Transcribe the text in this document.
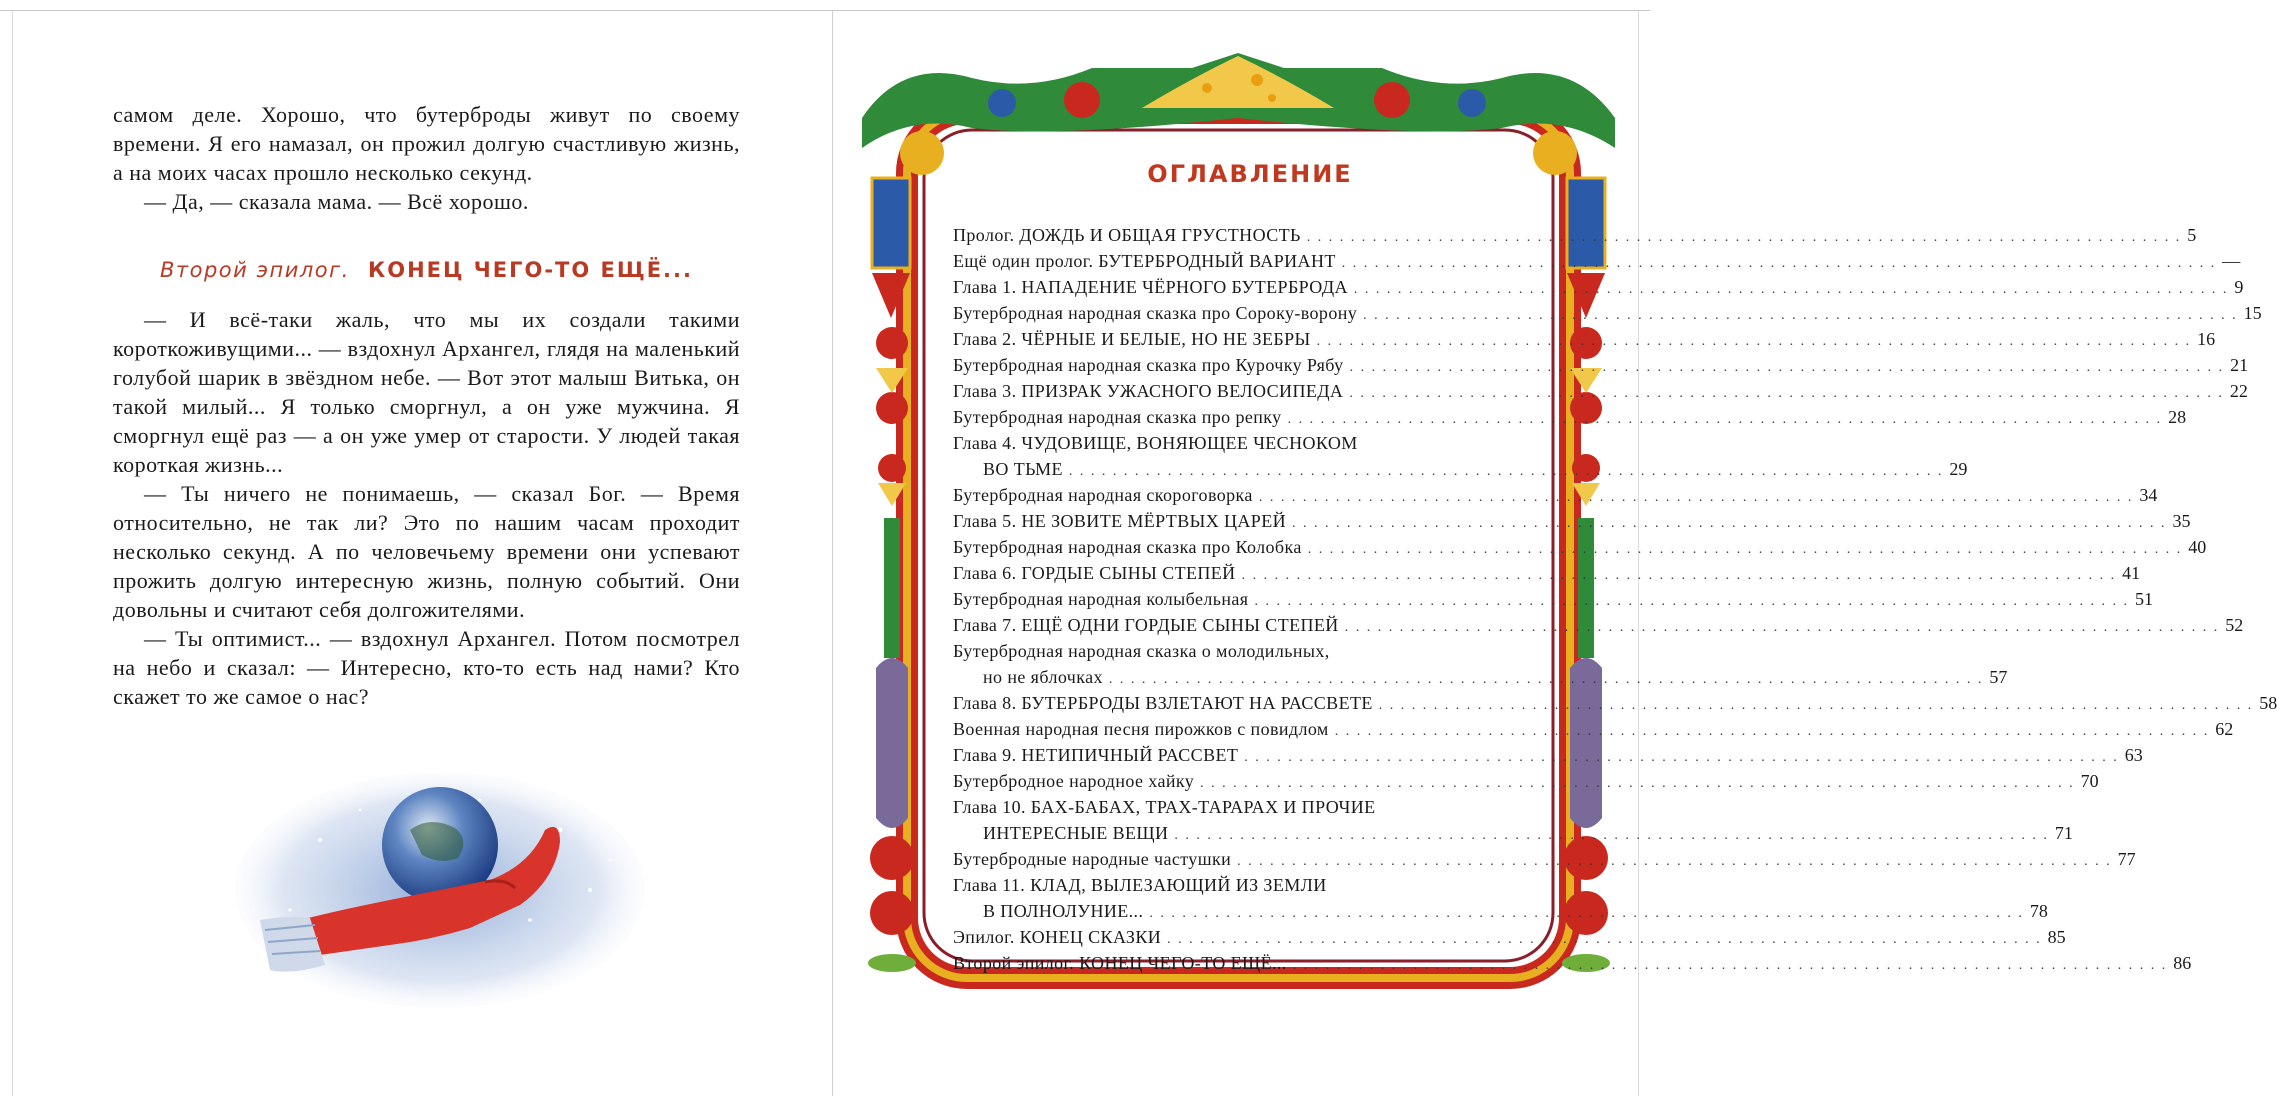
самом деле. Хорошо, что бутерброды живут по своему времени. Я его намазал, он прожил долгую счастливую жизнь, а на моих часах прошло несколько секунд.

— Да, — сказала мама. — Всё хорошо.

Второй эпилог. КОНЕЦ ЧЕГО-ТО ЕЩЁ...

— И всё-таки жаль, что мы их создали такими короткоживущими... — вздохнул Архангел, глядя на маленький голубой шарик в звёздном небе. — Вот этот малыш Витька, он такой милый... Я только сморгнул, а он уже мужчина. Я сморгнул ещё раз — а он уже умер от старости. У людей такая короткая жизнь...

— Ты ничего не понимаешь, — сказал Бог. — Время относительно, не так ли? Это по нашим часам проходит несколько секунд. А по человечьему времени они успевают прожить долгую интересную жизнь, полную событий. Они довольны и считают себя долгожителями.

— Ты оптимист... — вздохнул Архангел. Потом посмотрел на небо и сказал: — Интересно, кто-то есть над нами? Кто скажет то же самое о нас?

ОГЛАВЛЕНИЕ
Пролог. ДОЖДЬ И ОБЩАЯ ГРУСТНОСТЬ . . . . . . . . . . . . . . . . . . . . . . . . . . . . . . . . . . . . . . . . . . . . . . . . . . . . . . . . . . . . . . . . . . . . . . . . . . . . . . . . 5
Ещё один пролог. БУТЕРБРОДНЫЙ ВАРИАНТ . . . . . . . . . . . . . . . . . . . . . . . . . . . . . . . . . . . . . . . . . . . . . . . . . . . . . . . . . . . . . . . . . . . . . . . . . . . . . . . . —
Глава 1. НАПАДЕНИЕ ЧЁРНОГО БУТЕРБРОДА . . . . . . . . . . . . . . . . . . . . . . . . . . . . . . . . . . . . . . . . . . . . . . . . . . . . . . . . . . . . . . . . . . . . . . . . . . . . . . . . 9
Бутербродная народная сказка про Сороку-ворону . . . . . . . . . . . . . . . . . . . . . . . . . . . . . . . . . . . . . . . . . . . . . . . . . . . . . . . . . . . . . . . . . . . . . . . . . . . . . . . . 15
Глава 2. ЧЁРНЫЕ И БЕЛЫЕ, НО НЕ ЗЕБРЫ . . . . . . . . . . . . . . . . . . . . . . . . . . . . . . . . . . . . . . . . . . . . . . . . . . . . . . . . . . . . . . . . . . . . . . . . . . . . . . . . 16
Бутербродная народная сказка про Курочку Рябу . . . . . . . . . . . . . . . . . . . . . . . . . . . . . . . . . . . . . . . . . . . . . . . . . . . . . . . . . . . . . . . . . . . . . . . . . . . . . . . . 21
Глава 3. ПРИЗРАК УЖАСНОГО ВЕЛОСИПЕДА . . . . . . . . . . . . . . . . . . . . . . . . . . . . . . . . . . . . . . . . . . . . . . . . . . . . . . . . . . . . . . . . . . . . . . . . . . . . . . . . 22
Бутербродная народная сказка про репку . . . . . . . . . . . . . . . . . . . . . . . . . . . . . . . . . . . . . . . . . . . . . . . . . . . . . . . . . . . . . . . . . . . . . . . . . . . . . . . . 28
Глава 4. ЧУДОВИЩЕ, ВОНЯЮЩЕЕ ЧЕСНОКОМ
ВО ТЬМЕ . . . . . . . . . . . . . . . . . . . . . . . . . . . . . . . . . . . . . . . . . . . . . . . . . . . . . . . . . . . . . . . . . . . . . . . . . . . . . . . . 29
Бутербродная народная скороговорка . . . . . . . . . . . . . . . . . . . . . . . . . . . . . . . . . . . . . . . . . . . . . . . . . . . . . . . . . . . . . . . . . . . . . . . . . . . . . . . . 34
Глава 5. НЕ ЗОВИТЕ МЁРТВЫХ ЦАРЕЙ . . . . . . . . . . . . . . . . . . . . . . . . . . . . . . . . . . . . . . . . . . . . . . . . . . . . . . . . . . . . . . . . . . . . . . . . . . . . . . . . 35
Бутербродная народная сказка про Колобка . . . . . . . . . . . . . . . . . . . . . . . . . . . . . . . . . . . . . . . . . . . . . . . . . . . . . . . . . . . . . . . . . . . . . . . . . . . . . . . . 40
Глава 6. ГОРДЫЕ СЫНЫ СТЕПЕЙ . . . . . . . . . . . . . . . . . . . . . . . . . . . . . . . . . . . . . . . . . . . . . . . . . . . . . . . . . . . . . . . . . . . . . . . . . . . . . . . . 41
Бутербродная народная колыбельная . . . . . . . . . . . . . . . . . . . . . . . . . . . . . . . . . . . . . . . . . . . . . . . . . . . . . . . . . . . . . . . . . . . . . . . . . . . . . . . . 51
Глава 7. ЕЩЁ ОДНИ ГОРДЫЕ СЫНЫ СТЕПЕЙ . . . . . . . . . . . . . . . . . . . . . . . . . . . . . . . . . . . . . . . . . . . . . . . . . . . . . . . . . . . . . . . . . . . . . . . . . . . . . . . . 52
Бутербродная народная сказка о молодильных,
но не яблочках . . . . . . . . . . . . . . . . . . . . . . . . . . . . . . . . . . . . . . . . . . . . . . . . . . . . . . . . . . . . . . . . . . . . . . . . . . . . . . . . 57
Глава 8. БУТЕРБРОДЫ ВЗЛЕТАЮТ НА РАССВЕТЕ . . . . . . . . . . . . . . . . . . . . . . . . . . . . . . . . . . . . . . . . . . . . . . . . . . . . . . . . . . . . . . . . . . . . . . . . . . . . . . . . 58
Военная народная песня пирожков с повидлом . . . . . . . . . . . . . . . . . . . . . . . . . . . . . . . . . . . . . . . . . . . . . . . . . . . . . . . . . . . . . . . . . . . . . . . . . . . . . . . . 62
Глава 9. НЕТИПИЧНЫЙ РАССВЕТ . . . . . . . . . . . . . . . . . . . . . . . . . . . . . . . . . . . . . . . . . . . . . . . . . . . . . . . . . . . . . . . . . . . . . . . . . . . . . . . . 63
Бутербродное народное хайку . . . . . . . . . . . . . . . . . . . . . . . . . . . . . . . . . . . . . . . . . . . . . . . . . . . . . . . . . . . . . . . . . . . . . . . . . . . . . . . . 70
Глава 10. БАХ-БАБАХ, ТРАХ-ТАРАРАХ И ПРОЧИЕ
ИНТЕРЕСНЫЕ ВЕЩИ . . . . . . . . . . . . . . . . . . . . . . . . . . . . . . . . . . . . . . . . . . . . . . . . . . . . . . . . . . . . . . . . . . . . . . . . . . . . . . . . 71
Бутербродные народные частушки . . . . . . . . . . . . . . . . . . . . . . . . . . . . . . . . . . . . . . . . . . . . . . . . . . . . . . . . . . . . . . . . . . . . . . . . . . . . . . . . 77
Глава 11. КЛАД, ВЫЛЕЗАЮЩИЙ ИЗ ЗЕМЛИ
В ПОЛНОЛУНИЕ... . . . . . . . . . . . . . . . . . . . . . . . . . . . . . . . . . . . . . . . . . . . . . . . . . . . . . . . . . . . . . . . . . . . . . . . . . . . . . . . . 78
Эпилог. КОНЕЦ СКАЗКИ . . . . . . . . . . . . . . . . . . . . . . . . . . . . . . . . . . . . . . . . . . . . . . . . . . . . . . . . . . . . . . . . . . . . . . . . . . . . . . . . 85
Второй эпилог. КОНЕЦ ЧЕГО-ТО ЕЩЁ... . . . . . . . . . . . . . . . . . . . . . . . . . . . . . . . . . . . . . . . . . . . . . . . . . . . . . . . . . . . . . . . . . . . . . . . . . . . . . . . . 86
